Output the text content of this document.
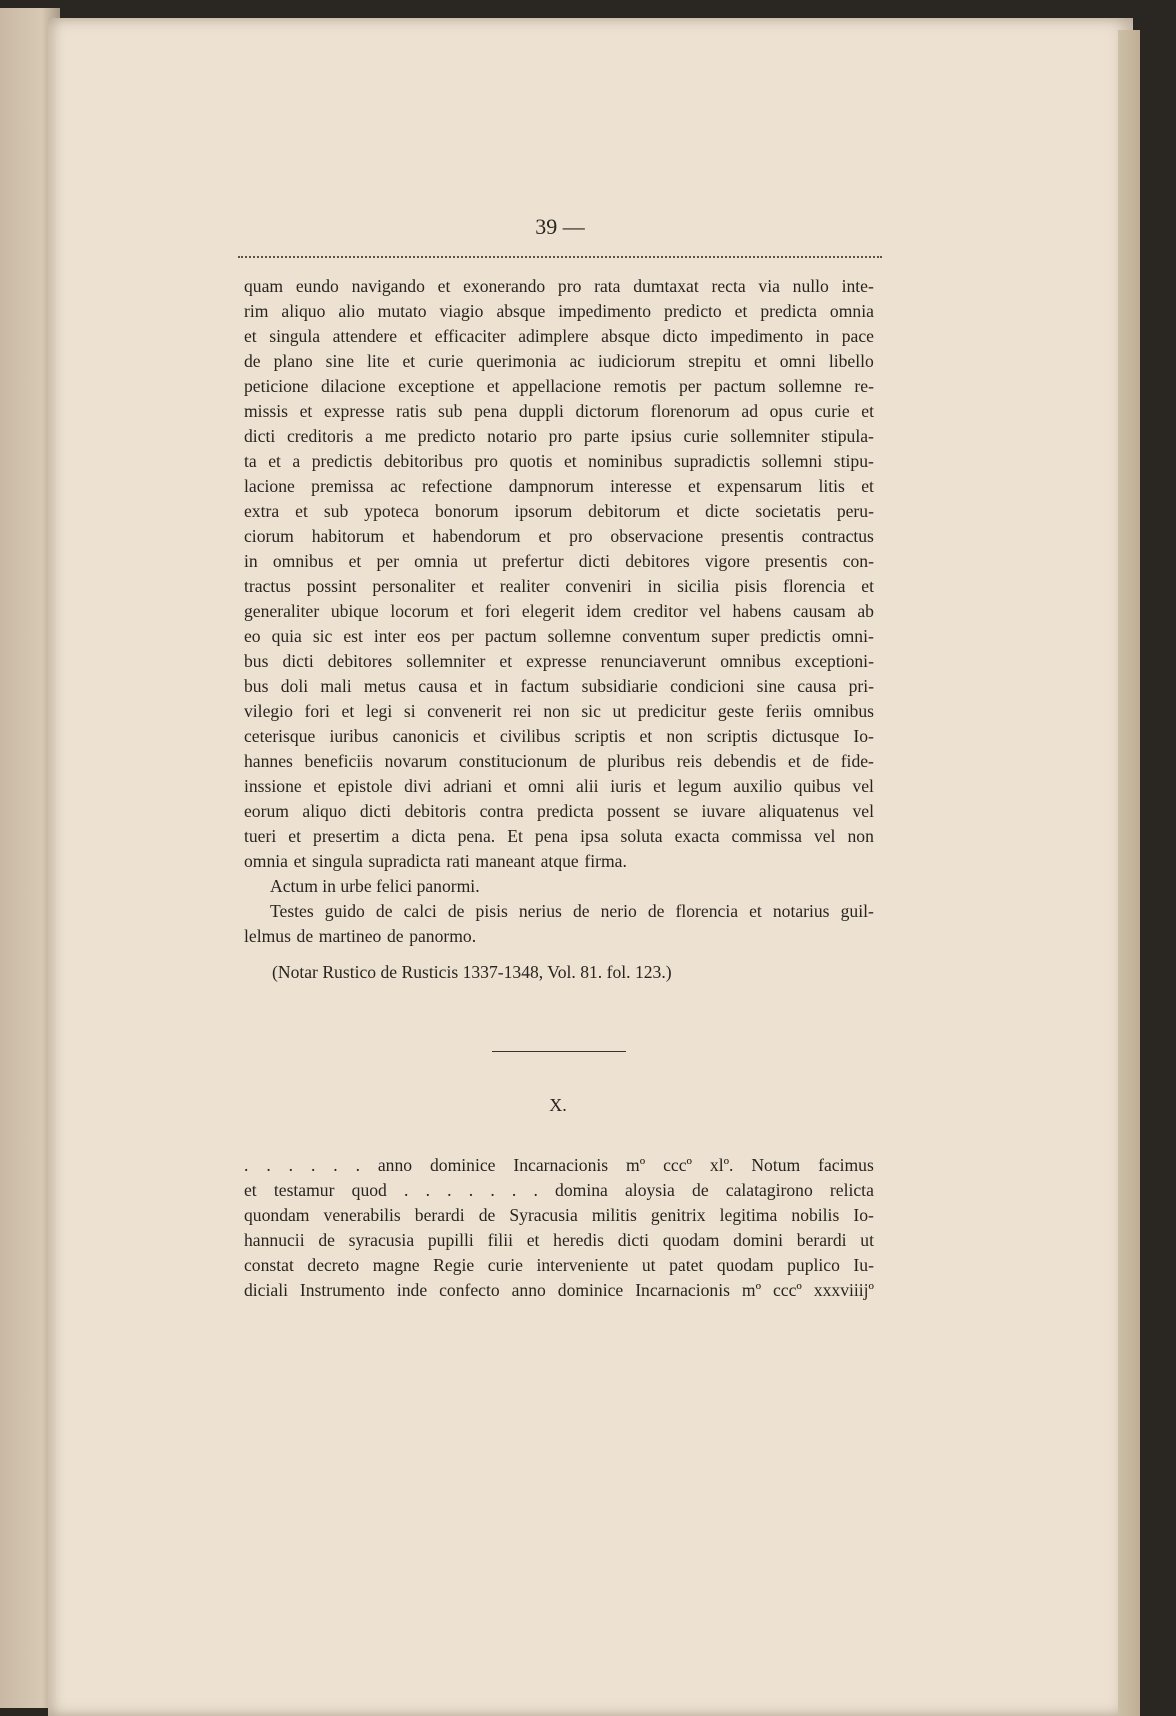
39 —
quam eundo navigando et exonerando pro rata dumtaxat recta via nullo inte-
rim aliquo alio mutato viagio absque impedimento predicto et predicta omnia
et singula attendere et efficaciter adimplere absque dicto impedimento in pace
de plano sine lite et curie querimonia ac iudiciorum strepitu et omni libello
peticione dilacione exceptione et appellacione remotis per pactum sollemne re-
missis et expresse ratis sub pena duppli dictorum florenorum ad opus curie et
dicti creditoris a me predicto notario pro parte ipsius curie sollemniter stipula-
ta et a predictis debitoribus pro quotis et nominibus supradictis sollemni stipu-
lacione premissa ac refectione dampnorum interesse et expensarum litis et
extra et sub ypoteca bonorum ipsorum debitorum et dicte societatis peru-
ciorum habitorum et habendorum et pro observacione presentis contractus
in omnibus et per omnia ut prefertur dicti debitores vigore presentis con-
tractus possint personaliter et realiter conveniri in sicilia pisis florencia et
generaliter ubique locorum et fori elegerit idem creditor vel habens causam ab
eo quia sic est inter eos per pactum sollemne conventum super predictis omni-
bus dicti debitores sollemniter et expresse renunciaverunt omnibus exceptioni-
bus doli mali metus causa et in factum subsidiarie condicioni sine causa pri-
vilegio fori et legi si convenerit rei non sic ut predicitur geste feriis omnibus
ceterisque iuribus canonicis et civilibus scriptis et non scriptis dictusque Io-
hannes beneficiis novarum constitucionum de pluribus reis debendis et de fide-
inssione et epistole divi adriani et omni alii iuris et legum auxilio quibus vel
eorum aliquo dicti debitoris contra predicta possent se iuvare aliquatenus vel
tueri et presertim a dicta pena. Et pena ipsa soluta exacta commissa vel non
omnia et singula supradicta rati maneant atque firma.
Actum in urbe felici panormi.
Testes guido de calci de pisis nerius de nerio de florencia et notarius guil-
lelmus de martineo de panormo.
(Notar Rustico de Rusticis 1337-1348, Vol. 81. fol. 123.)
X.
. . . . . . anno dominice Incarnacionis mº cccº xlº. Notum facimus
et testamur quod . . . . . . . domina aloysia de calatagirono relicta
quondam venerabilis berardi de Syracusia militis genitrix legitima nobilis Io-
hannucii de syracusia pupilli filii et heredis dicti quodam domini berardi ut
constat decreto magne Regie curie interveniente ut patet quodam puplico Iu-
diciali Instrumento inde confecto anno dominice Incarnacionis mº cccº xxxviiijº
